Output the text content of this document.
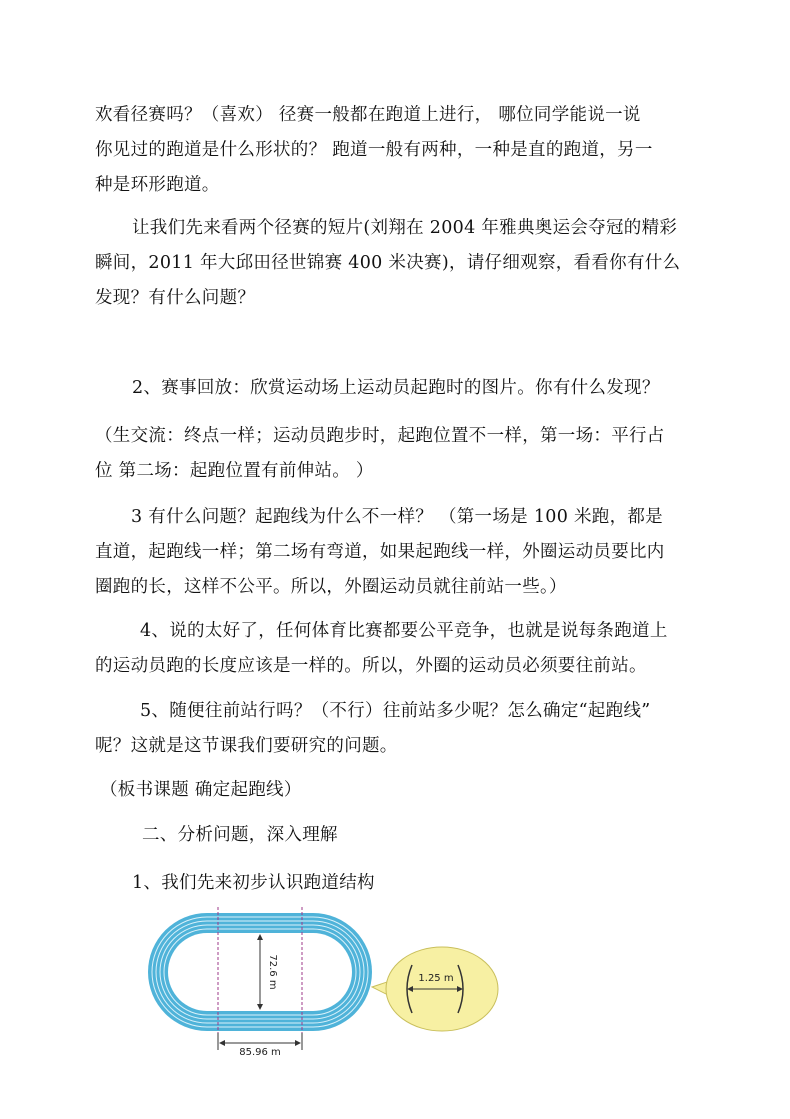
欢看径赛吗？（喜欢） 径赛一般都在跑道上进行， 哪位同学能说一说
你见过的跑道是什么形状的？ 跑道一般有两种，一种是直的跑道，另一
种是环形跑道。
让我们先来看两个径赛的短片(刘翔在 2004 年雅典奥运会夺冠的精彩
瞬间，2011 年大邱田径世锦赛 400 米决赛)，请仔细观察，看看你有什么
发现？有什么问题？
2、赛事回放：欣赏运动场上运动员起跑时的图片。你有什么发现？
（生交流：终点一样；运动员跑步时，起跑位置不一样，第一场：平行占
位 第二场：起跑位置有前伸站。 ）
3 有什么问题？起跑线为什么不一样？ （第一场是 100 米跑，都是
直道，起跑线一样；第二场有弯道，如果起跑线一样，外圈运动员要比内
圈跑的长，这样不公平。所以，外圈运动员就往前站一些。）
4、说的太好了，任何体育比赛都要公平竞争，也就是说每条跑道上
的运动员跑的长度应该是一样的。所以，外圈的运动员必须要往前站。
5、随便往前站行吗？（不行）往前站多少呢？怎么确定“起跑线”
呢？这就是这节课我们要研究的问题。
（板书课题 确定起跑线）
二、分析问题，深入理解
1、我们先来初步认识跑道结构
1.25 m
85.96 m
72.6 m
